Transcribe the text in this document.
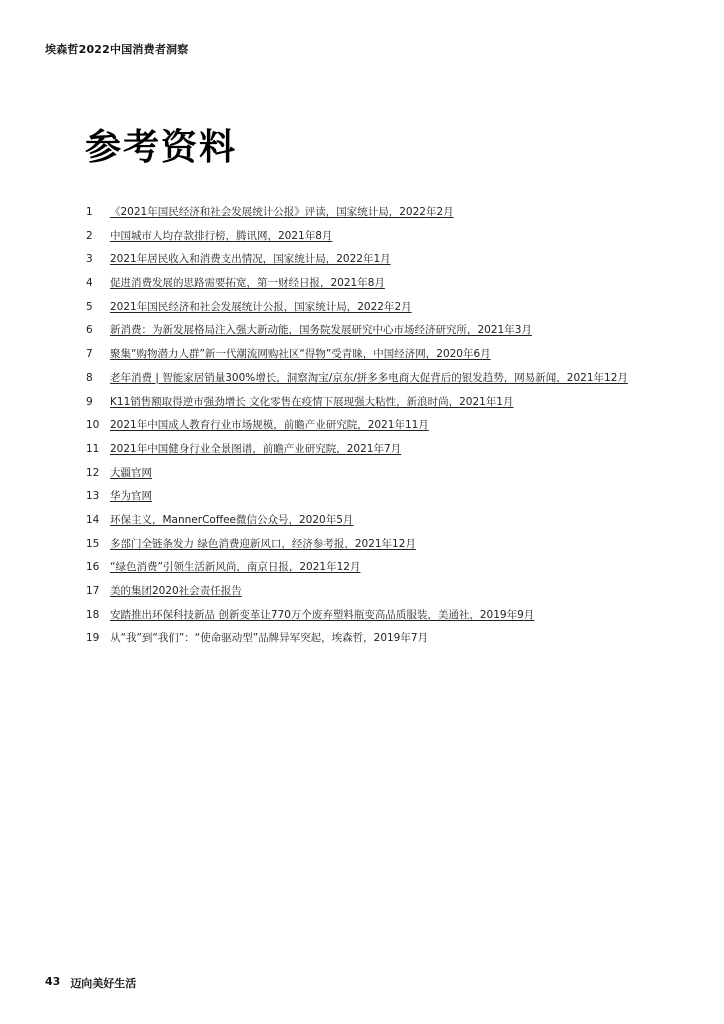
埃森哲2022中国消费者洞察
参考资料
1	《2021年国民经济和社会发展统计公报》评读，国家统计局，2022年2月
2	中国城市人均存款排行榜，腾讯网，2021年8月
3	2021年居民收入和消费支出情况，国家统计局，2022年1月
4	促进消费发展的思路需要拓宽，第一财经日报，2021年8月
5	2021年国民经济和社会发展统计公报，国家统计局，2022年2月
6	新消费：为新发展格局注入强大新动能，国务院发展研究中心市场经济研究所，2021年3月
7	聚集“购物潜力人群”新一代潮流网购社区“得物”受青睐，中国经济网，2020年6月
8	老年消费 | 智能家居销量300%增长，洞察淘宝/京东/拼多多电商大促背后的银发趋势，网易新闻，2021年12月
9	K11销售额取得逆市强劲增长 文化零售在疫情下展现强大粘性，新浪时尚，2021年1月
10	2021年中国成人教育行业市场规模，前瞻产业研究院，2021年11月
11	2021年中国健身行业全景图谱，前瞻产业研究院，2021年7月
12	大疆官网
13	华为官网
14	环保主义，MannerCoffee微信公众号，2020年5月
15	多部门全链条发力 绿色消费迎新风口，经济参考报，2021年12月
16	“绿色消费”引领生活新风尚，南京日报，2021年12月
17	美的集团2020社会责任报告
18	安踏推出环保科技新品 创新变革让770万个废弃塑料瓶变高品质服装，美通社，2019年9月
19	从“我”到“我们”：“使命驱动型”品牌异军突起，埃森哲，2019年7月
43 迈向美好生活
